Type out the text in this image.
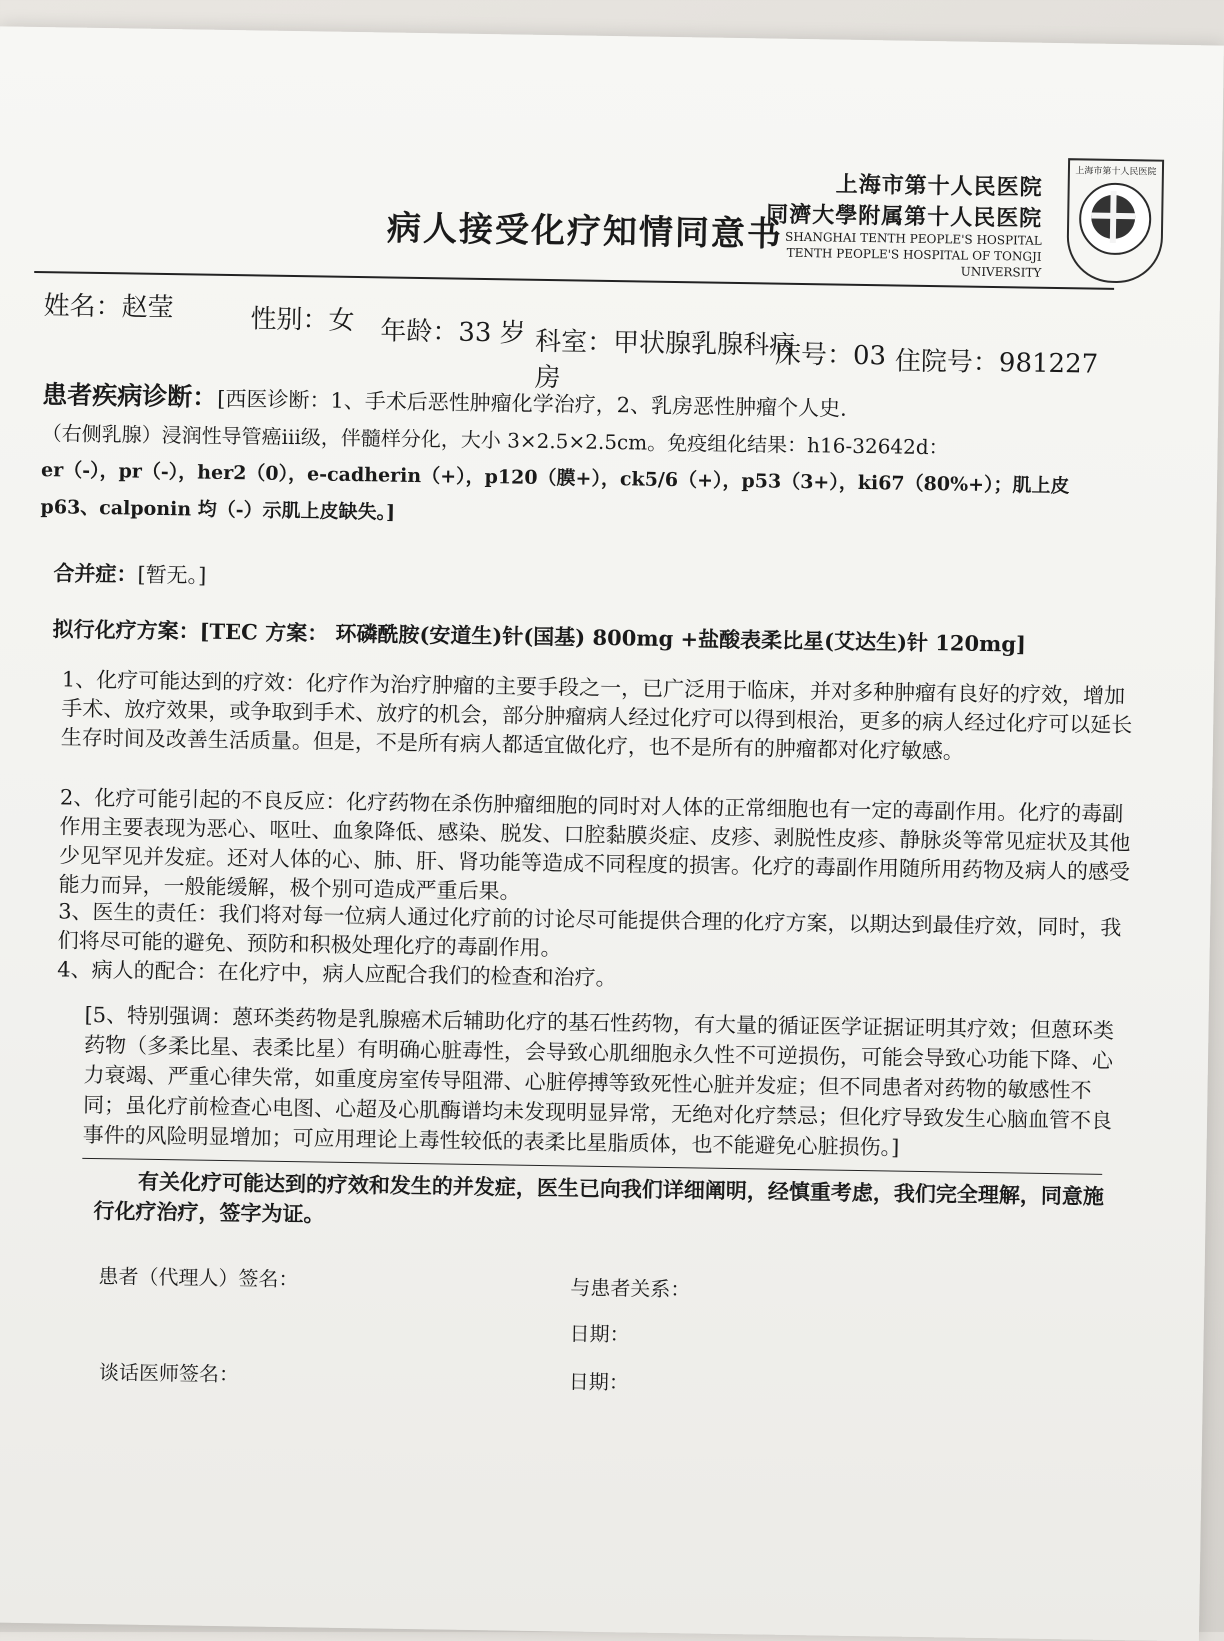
病人接受化疗知情同意书
上海市第十人民医院
同濟大學附属第十人民医院
SHANGHAI TENTH PEOPLE'S HOSPITAL
TENTH PEOPLE'S HOSPITAL OF TONGJI UNIVERSITY
上海市第十人民医院
姓名：赵莹	性别：女 年龄：33 岁 科室：甲状腺乳腺科病
房
床号：03 住院号：981227
患者疾病诊断：[西医诊断：1、手术后恶性肿瘤化学治疗，2、乳房恶性肿瘤个人史.
（右侧乳腺）浸润性导管癌iii级，伴髓样分化，大小 3×2.5×2.5cm。免疫组化结果：h16-32642d：
er（-），pr（-），her2（0），e-cadherin（+），p120（膜+），ck5/6（+），p53（3+），ki67（80%+）；肌上皮
p63、calponin 均（-）示肌上皮缺失。]
合并症：[暂无。]
拟行化疗方案：[TEC 方案： 环磷酰胺(安道生)针(国基) 800mg +盐酸表柔比星(艾达生)针 120mg]
1、化疗可能达到的疗效：化疗作为治疗肿瘤的主要手段之一，已广泛用于临床，并对多种肿瘤有良好的疗效，增加手术、放疗效果，或争取到手术、放疗的机会，部分肿瘤病人经过化疗可以得到根治，更多的病人经过化疗可以延长生存时间及改善生活质量。但是，不是所有病人都适宜做化疗，也不是所有的肿瘤都对化疗敏感。
2、化疗可能引起的不良反应：化疗药物在杀伤肿瘤细胞的同时对人体的正常细胞也有一定的毒副作用。化疗的毒副作用主要表现为恶心、呕吐、血象降低、感染、脱发、口腔黏膜炎症、皮疹、剥脱性皮疹、静脉炎等常见症状及其他少见罕见并发症。还对人体的心、肺、肝、肾功能等造成不同程度的损害。化疗的毒副作用随所用药物及病人的感受能力而异，一般能缓解，极个别可造成严重后果。
3、医生的责任：我们将对每一位病人通过化疗前的讨论尽可能提供合理的化疗方案，以期达到最佳疗效，同时，我们将尽可能的避免、预防和积极处理化疗的毒副作用。
4、病人的配合：在化疗中，病人应配合我们的检查和治疗。
[5、特别强调：蒽环类药物是乳腺癌术后辅助化疗的基石性药物，有大量的循证医学证据证明其疗效；但蒽环类药物（多柔比星、表柔比星）有明确心脏毒性，会导致心肌细胞永久性不可逆损伤，可能会导致心功能下降、心力衰竭、严重心律失常，如重度房室传导阻滞、心脏停搏等致死性心脏并发症；但不同患者对药物的敏感性不同；虽化疗前检查心电图、心超及心肌酶谱均未发现明显异常，无绝对化疗禁忌；但化疗导致发生心脑血管不良事件的风险明显增加；可应用理论上毒性较低的表柔比星脂质体，也不能避免心脏损伤。]
有关化疗可能达到的疗效和发生的并发症，医生已向我们详细阐明，经慎重考虑，我们完全理解，同意施行化疗治疗，签字为证。
患者（代理人）签名：	与患者关系：
日期：
谈话医师签名：	日期：
